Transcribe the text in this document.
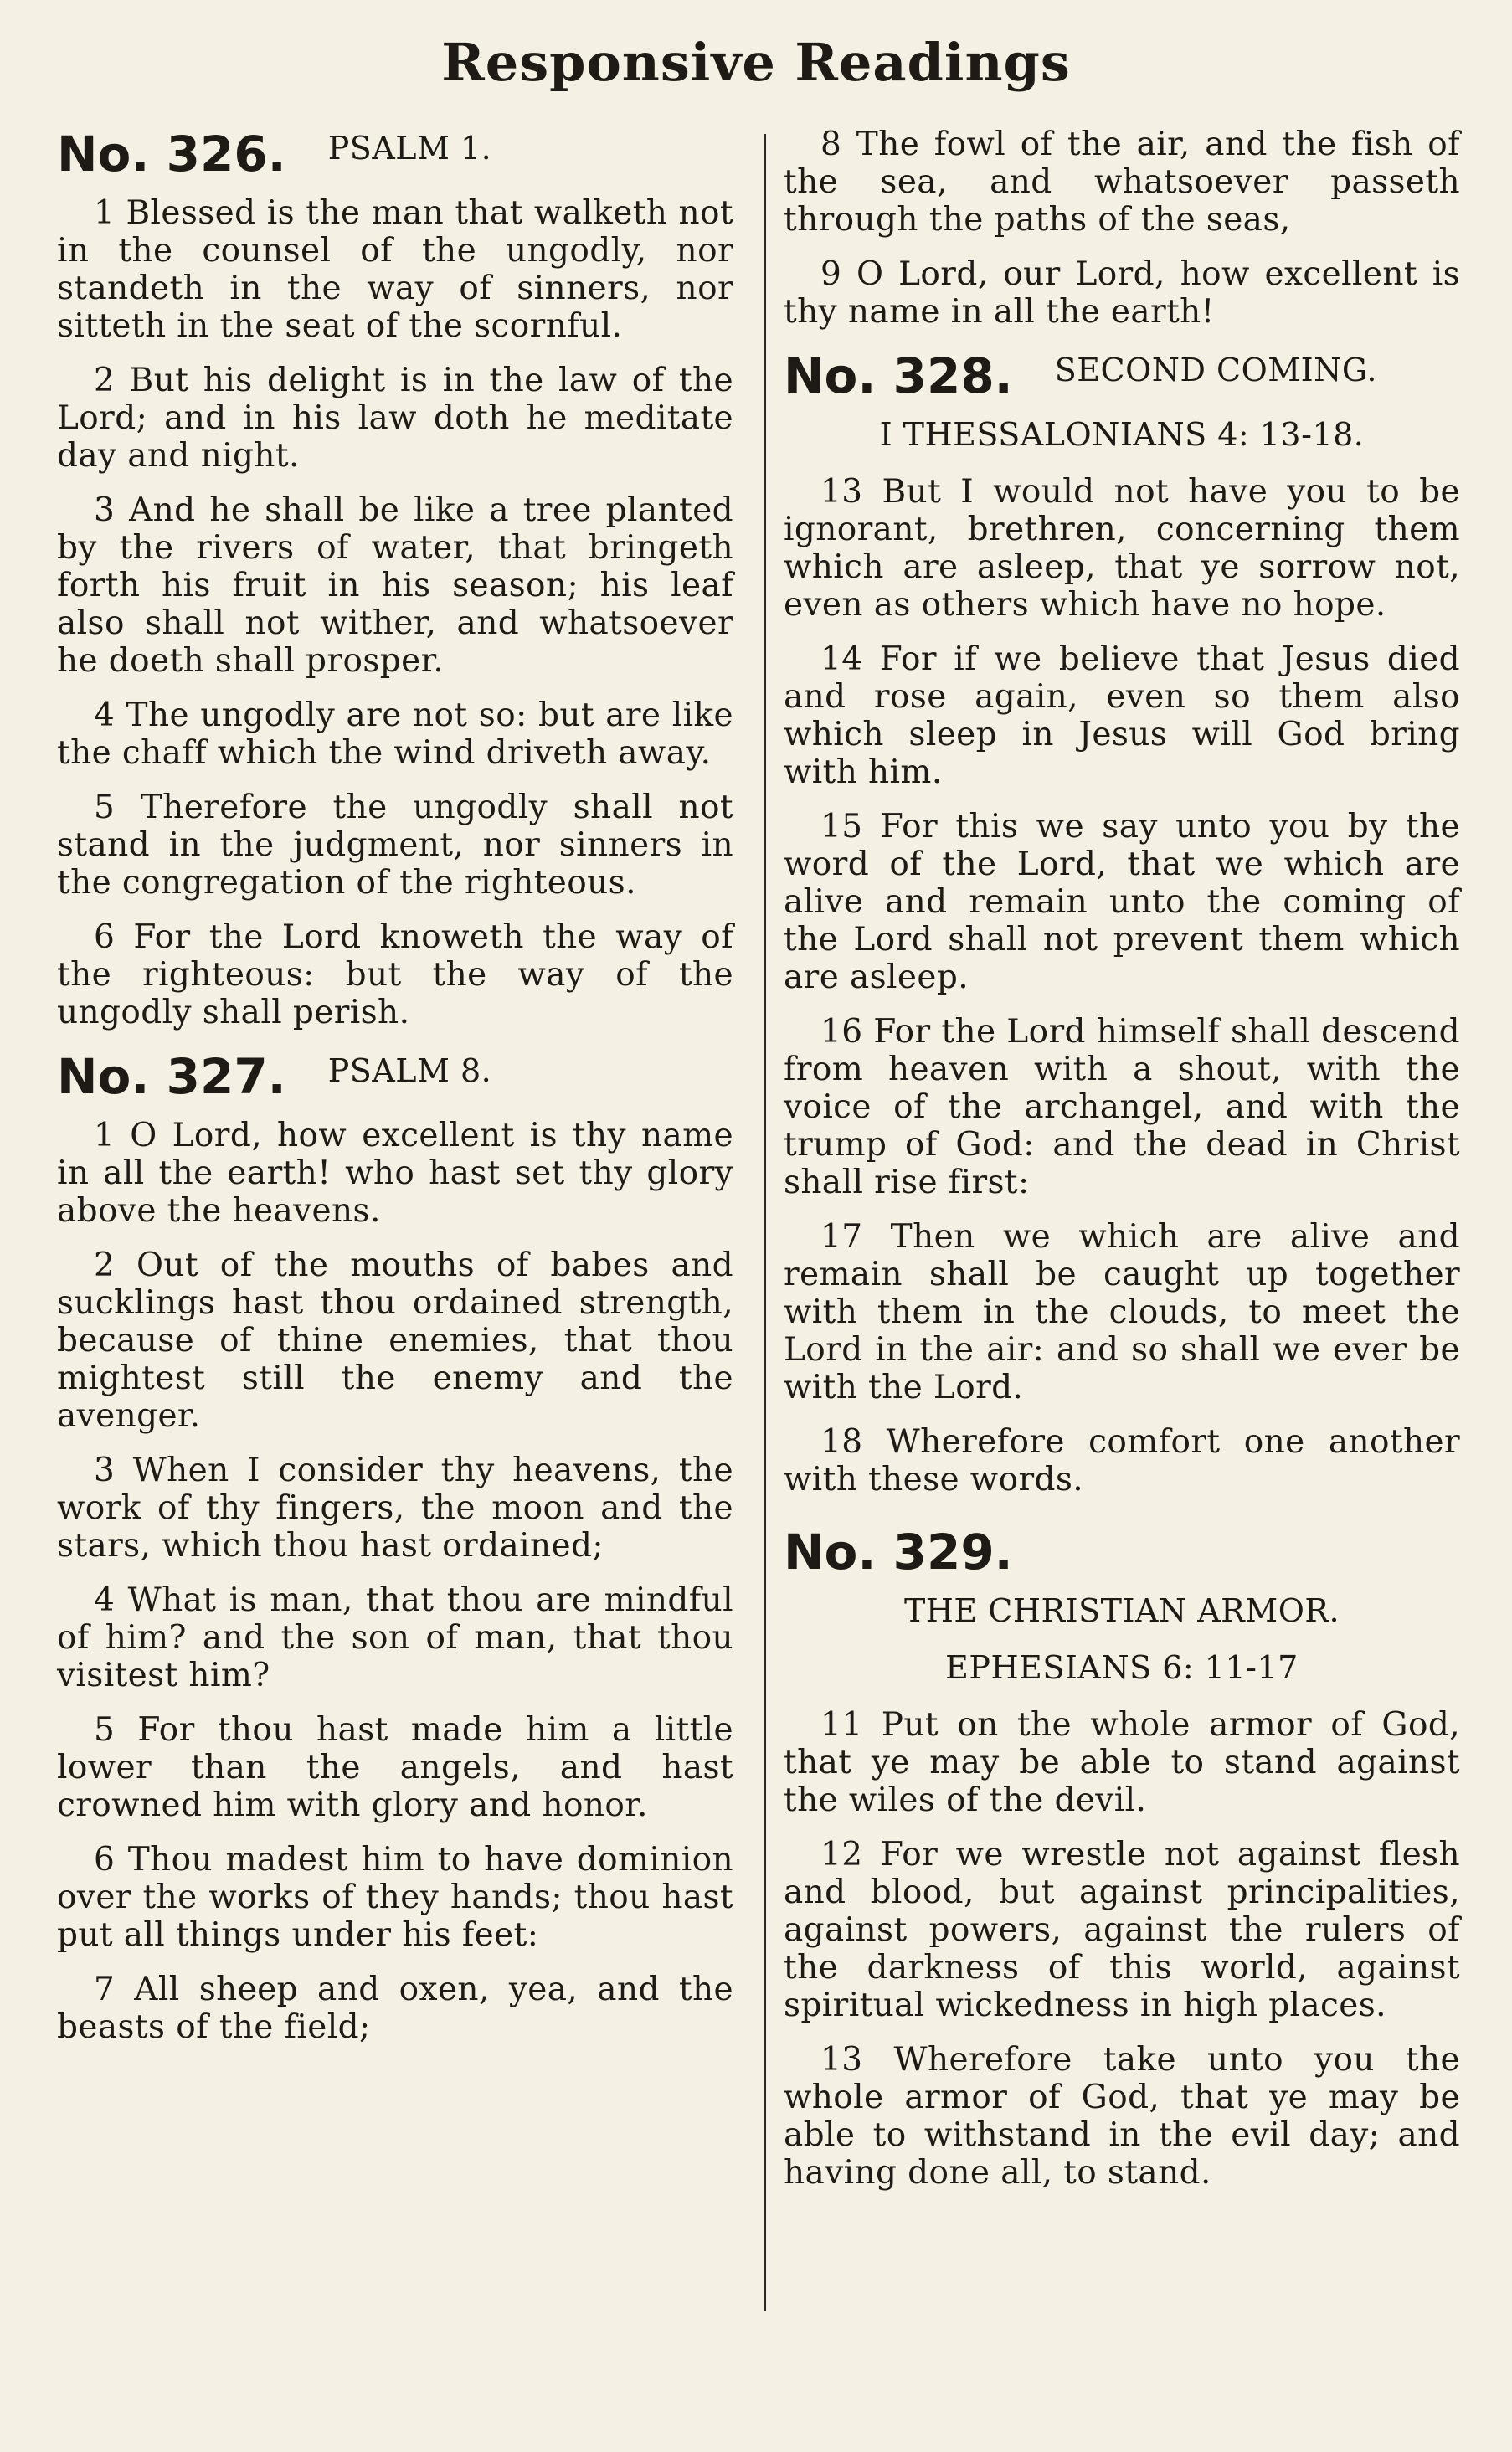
Responsive Readings
No. 326. PSALM 1.

1 Blessed is the man that walketh not in the counsel of the ungodly, nor standeth in the way of sinners, nor sitteth in the seat of the scornful.

2 But his delight is in the law of the Lord; and in his law doth he meditate day and night.

3 And he shall be like a tree planted by the rivers of water, that bringeth forth his fruit in his season; his leaf also shall not wither, and whatsoever he doeth shall prosper.

4 The ungodly are not so: but are like the chaff which the wind driveth away.

5 Therefore the ungodly shall not stand in the judgment, nor sinners in the congregation of the righteous.

6 For the Lord knoweth the way of the righteous: but the way of the ungodly shall perish.

No. 327. PSALM 8.

1 O Lord, how excellent is thy name in all the earth! who hast set thy glory above the heavens.

2 Out of the mouths of babes and sucklings hast thou ordained strength, because of thine enemies, that thou mightest still the enemy and the avenger.

3 When I consider thy heavens, the work of thy fingers, the moon and the stars, which thou hast ordained;

4 What is man, that thou are mindful of him? and the son of man, that thou visitest him?

5 For thou hast made him a little lower than the angels, and hast crowned him with glory and honor.

6 Thou madest him to have dominion over the works of they hands; thou hast put all things under his feet:

7 All sheep and oxen, yea, and the beasts of the field;

8 The fowl of the air, and the fish of the sea, and whatsoever passeth through the paths of the seas,

9 O Lord, our Lord, how excellent is thy name in all the earth!

No. 328. SECOND COMING.
I THESSALONIANS 4: 13-18.

13 But I would not have you to be ignorant, brethren, concerning them which are asleep, that ye sorrow not, even as others which have no hope.

14 For if we believe that Jesus died and rose again, even so them also which sleep in Jesus will God bring with him.

15 For this we say unto you by the word of the Lord, that we which are alive and remain unto the coming of the Lord shall not prevent them which are asleep.

16 For the Lord himself shall descend from heaven with a shout, with the voice of the archangel, and with the trump of God: and the dead in Christ shall rise first:

17 Then we which are alive and remain shall be caught up together with them in the clouds, to meet the Lord in the air: and so shall we ever be with the Lord.

18 Wherefore comfort one another with these words.

No. 329.
THE CHRISTIAN ARMOR.
EPHESIANS 6: 11-17

11 Put on the whole armor of God, that ye may be able to stand against the wiles of the devil.

12 For we wrestle not against flesh and blood, but against principalities, against powers, against the rulers of the darkness of this world, against spiritual wickedness in high places.

13 Wherefore take unto you the whole armor of God, that ye may be able to withstand in the evil day; and having done all, to stand.
